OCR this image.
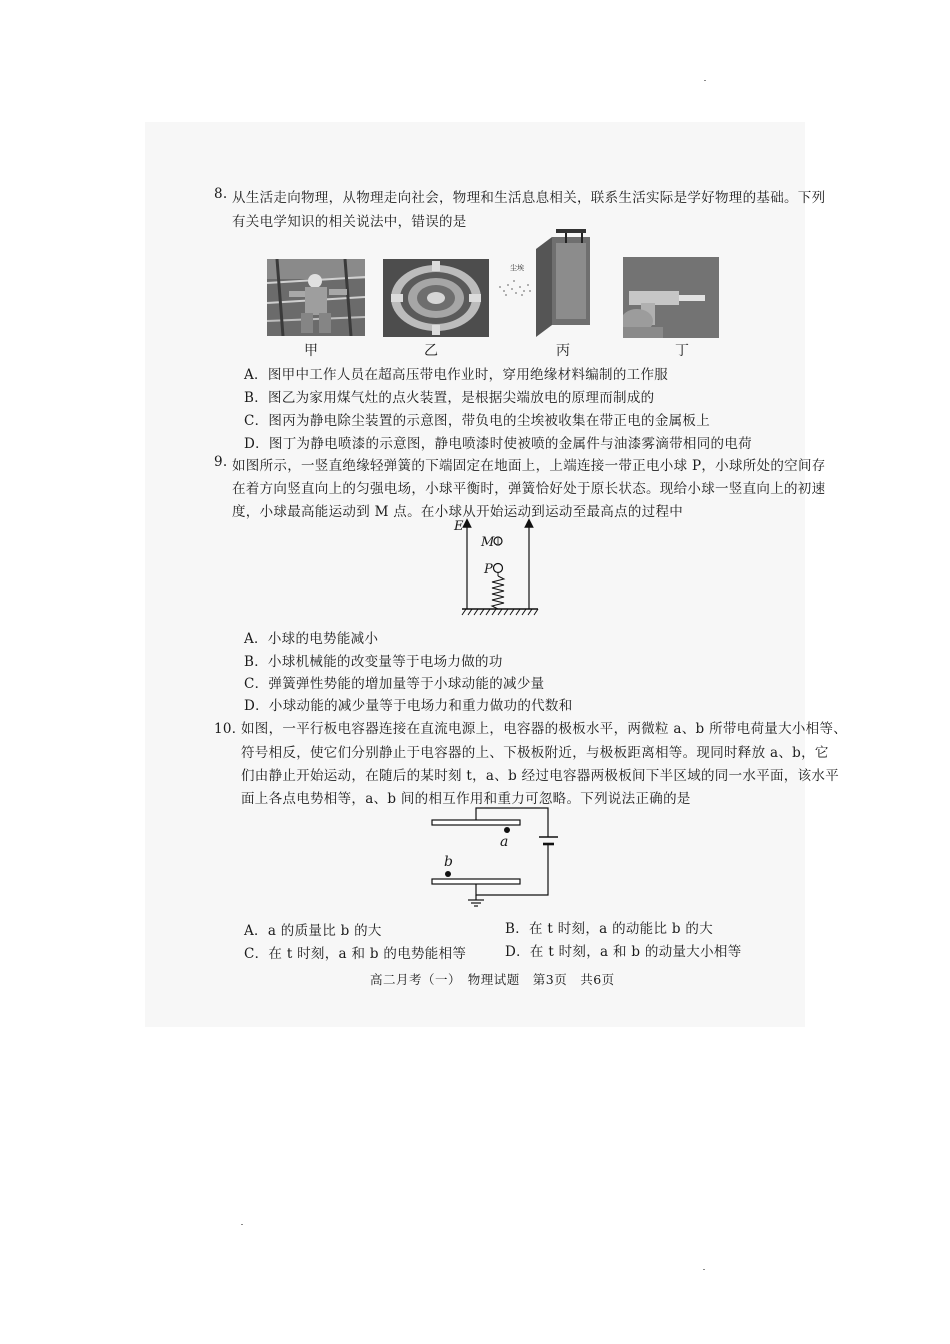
8. 从生活走向物理，从物理走向社会，物理和生活息息相关，联系生活实际是学好物理的基础。下列
有关电学知识的相关说法中，错误的是
尘埃
甲	乙	丙	丁
A．图甲中工作人员在超高压带电作业时，穿用绝缘材料编制的工作服
B．图乙为家用煤气灶的点火装置，是根据尖端放电的原理而制成的
C．图丙为静电除尘装置的示意图，带负电的尘埃被收集在带正电的金属板上
D．图丁为静电喷漆的示意图，静电喷漆时使被喷的金属件与油漆雾滴带相同的电荷
9. 如图所示，一竖直绝缘轻弹簧的下端固定在地面上，上端连接一带正电小球 P，小球所处的空间存
在着方向竖直向上的匀强电场，小球平衡时，弹簧恰好处于原长状态。现给小球一竖直向上的初速
度，小球最高能运动到 M 点。在小球从开始运动到运动至最高点的过程中
E
M
P
A．小球的电势能减小
B．小球机械能的改变量等于电场力做的功
C．弹簧弹性势能的增加量等于小球动能的减少量
D．小球动能的减少量等于电场力和重力做功的代数和
10．
如图，一平行板电容器连接在直流电源上，电容器的极板水平，两微粒 a、b 所带电荷量大小相等、
符号相反，使它们分别静止于电容器的上、下极板附近，与极板距离相等。现同时释放 a、b，它
们由静止开始运动，在随后的某时刻 t，a、b 经过电容器两极板间下半区域的同一水平面，该水平
面上各点电势相等，a、b 间的相互作用和重力可忽略。下列说法正确的是
a
b
A．a 的质量比 b 的大	B．在 t 时刻，a 的动能比 b 的大
C．在 t 时刻，a 和 b 的电势能相等	D．在 t 时刻，a 和 b 的动量大小相等
高二月考（一）　物理试题　第3页　共6页
